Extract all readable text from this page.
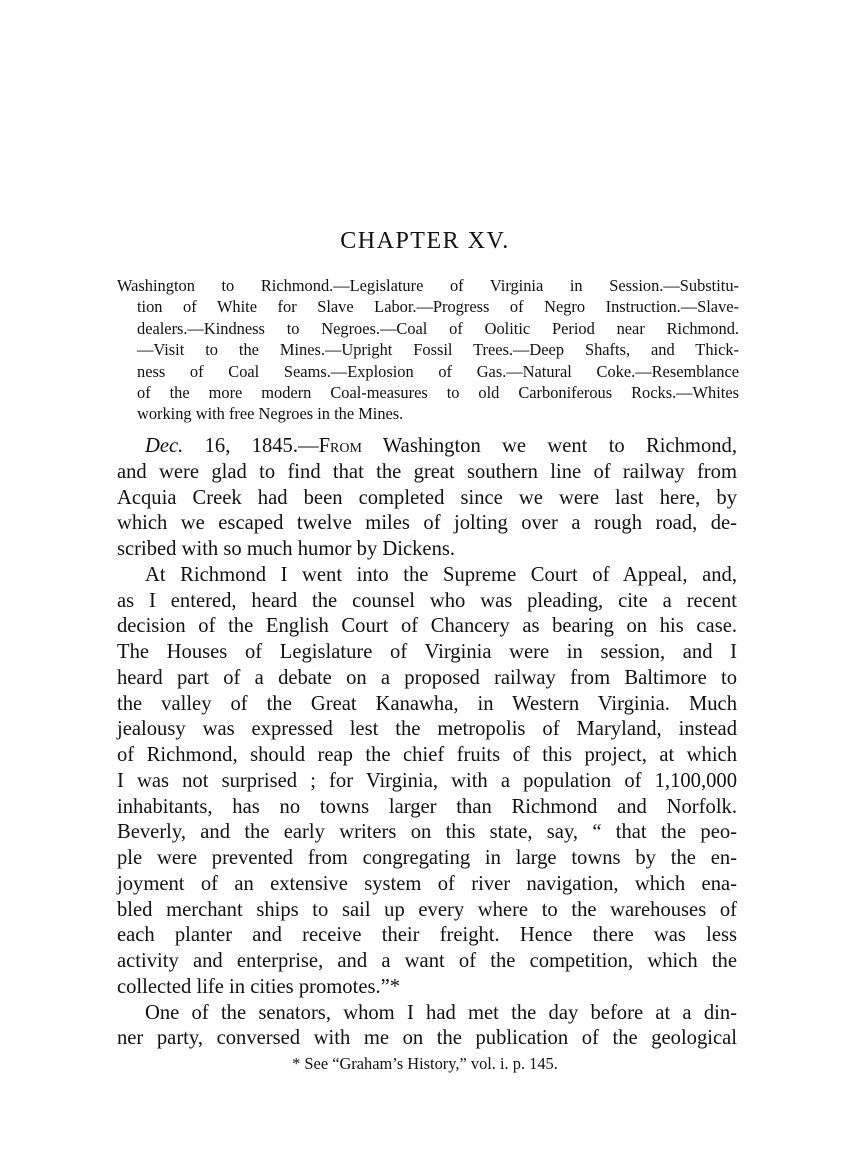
CHAPTER XV.
Washington to Richmond.—Legislature of Virginia in Session.—Substitu-
tion of White for Slave Labor.—Progress of Negro Instruction.—Slave-
dealers.—Kindness to Negroes.—Coal of Oolitic Period near Richmond.
—Visit to the Mines.—Upright Fossil Trees.—Deep Shafts, and Thick-
ness of Coal Seams.—Explosion of Gas.—Natural Coke.—Resemblance
of the more modern Coal-measures to old Carboniferous Rocks.—Whites
working with free Negroes in the Mines.
Dec. 16, 1845.—From Washington we went to Richmond,
and were glad to find that the great southern line of railway from
Acquia Creek had been completed since we were last here, by
which we escaped twelve miles of jolting over a rough road, de-
scribed with so much humor by Dickens.
At Richmond I went into the Supreme Court of Appeal, and,
as I entered, heard the counsel who was pleading, cite a recent
decision of the English Court of Chancery as bearing on his case.
The Houses of Legislature of Virginia were in session, and I
heard part of a debate on a proposed railway from Baltimore to
the valley of the Great Kanawha, in Western Virginia. Much
jealousy was expressed lest the metropolis of Maryland, instead
of Richmond, should reap the chief fruits of this project, at which
I was not surprised ; for Virginia, with a population of 1,100,000
inhabitants, has no towns larger than Richmond and Norfolk.
Beverly, and the early writers on this state, say, “ that the peo-
ple were prevented from congregating in large towns by the en-
joyment of an extensive system of river navigation, which ena-
bled merchant ships to sail up every where to the warehouses of
each planter and receive their freight. Hence there was less
activity and enterprise, and a want of the competition, which the
collected life in cities promotes.”*
One of the senators, whom I had met the day before at a din-
ner party, conversed with me on the publication of the geological

* See “Graham’s History,” vol. i. p. 145.
